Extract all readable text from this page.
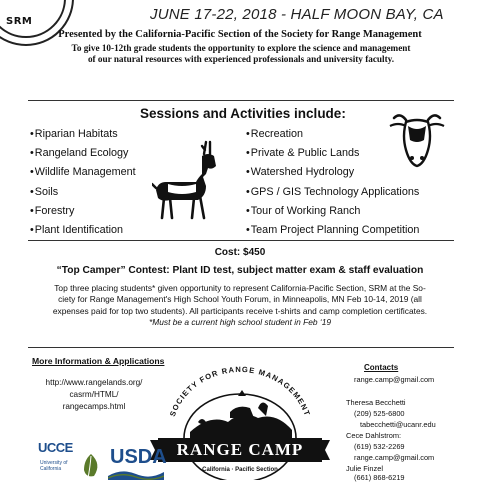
SRM	JUNE 17-22, 2018 - HALF MOON BAY, CA
Presented by the California-Pacific Section of the Society for Range Management
To give 10-12th grade students the opportunity to explore the science and management
of our natural resources with experienced professionals and university faculty.
Sessions and Activities include:
• Riparian Habitats
• Rangeland Ecology
• Wildlife Management
• Soils
• Forestry
• Plant Identification
• Recreation
• Private & Public Lands
• Watershed Hydrology
• GPS / GIS Technology Applications
• Tour of Working Ranch
• Team Project Planning Competition
Cost: $450
“Top Camper” Contest: Plant ID test, subject matter exam & staff evaluation
Top three placing students* given opportunity to represent California-Pacific Section, SRM at the So-
ciety for Range Management's High School Youth Forum, in Minneapolis, MN Feb 10-14, 2019 (all
expenses paid for top two students). All participants receive t-shirts and camp completion certificates.
*Must be a current high school student in Feb ‘19
More Information & Applications
http://www.rangelands.org/
casrm/HTML/
rangecamps.html
SOCIETY FOR RANGE MANAGEMENT
RANGE CAMP
California · Pacific Section
Contacts
range.camp@gmail.com
Theresa Becchetti
(209) 525-6800
tabecchetti@ucanr.edu
Cece Dahlstrom:
(619) 532-2269
range.camp@gmail.com
Julie Finzel
(661) 868-6219
UCCE
University of California
USDA
